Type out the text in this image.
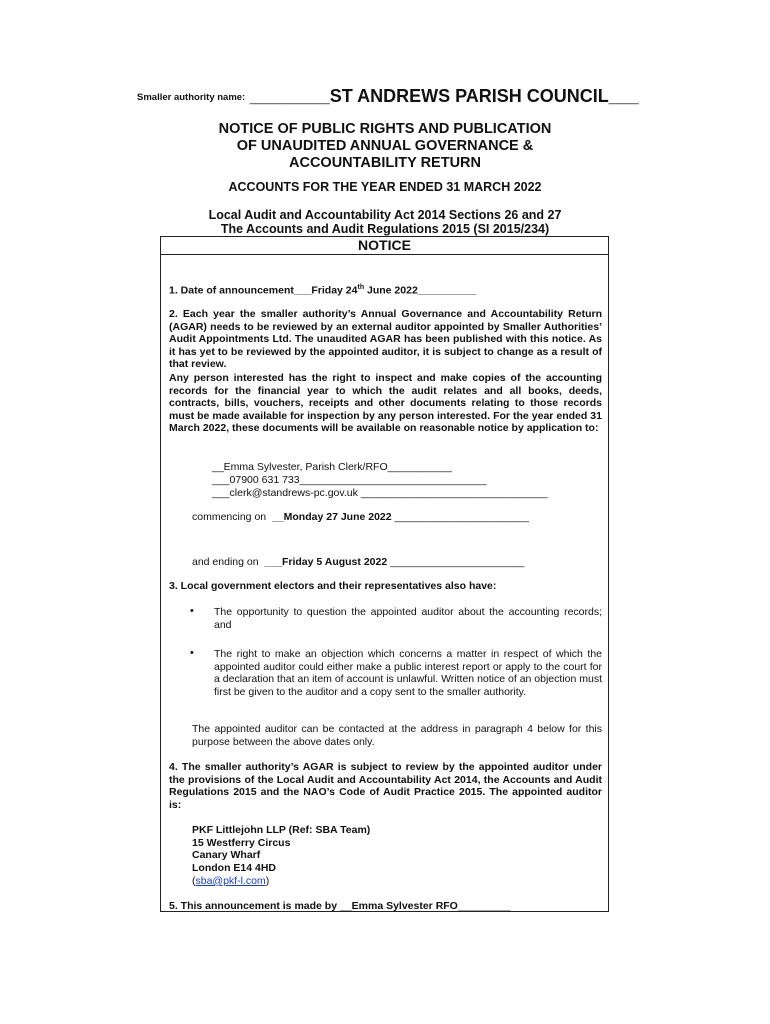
Smaller authority name: ________ST ANDREWS PARISH COUNCIL___
NOTICE OF PUBLIC RIGHTS AND PUBLICATION
OF UNAUDITED ANNUAL GOVERNANCE &
ACCOUNTABILITY RETURN
ACCOUNTS FOR THE YEAR ENDED 31 MARCH 2022
Local Audit and Accountability Act 2014 Sections 26 and 27
The Accounts and Audit Regulations 2015 (SI 2015/234)
NOTICE
1. Date of announcement___Friday 24th June 2022__________
2. Each year the smaller authority’s Annual Governance and Accountability Return (AGAR) needs to be reviewed by an external auditor appointed by Smaller Authorities’ Audit Appointments Ltd. The unaudited AGAR has been published with this notice. As it has yet to be reviewed by the appointed auditor, it is subject to change as a result of that review.
Any person interested has the right to inspect and make copies of the accounting records for the financial year to which the audit relates and all books, deeds, contracts, bills, vouchers, receipts and other documents relating to those records must be made available for inspection by any person interested. For the year ended 31 March 2022, these documents will be available on reasonable notice by application to:
__Emma Sylvester, Parish Clerk/RFO___________
___07900 631 733________________________________
___clerk@standrews-pc.gov.uk ________________________________
commencing on __Monday 27 June 2022 _______________________
and ending on ___Friday 5 August 2022 _______________________
3. Local government electors and their representatives also have:
• The opportunity to question the appointed auditor about the accounting records; and
• The right to make an objection which concerns a matter in respect of which the appointed auditor could either make a public interest report or apply to the court for a declaration that an item of account is unlawful. Written notice of an objection must first be given to the auditor and a copy sent to the smaller authority.
The appointed auditor can be contacted at the address in paragraph 4 below for this purpose between the above dates only.
4. The smaller authority’s AGAR is subject to review by the appointed auditor under the provisions of the Local Audit and Accountability Act 2014, the Accounts and Audit Regulations 2015 and the NAO’s Code of Audit Practice 2015. The appointed auditor is:
PKF Littlejohn LLP (Ref: SBA Team)
15 Westferry Circus
Canary Wharf
London E14 4HD
(sba@pkf-l.com)
5. This announcement is made by __Emma Sylvester RFO_________
